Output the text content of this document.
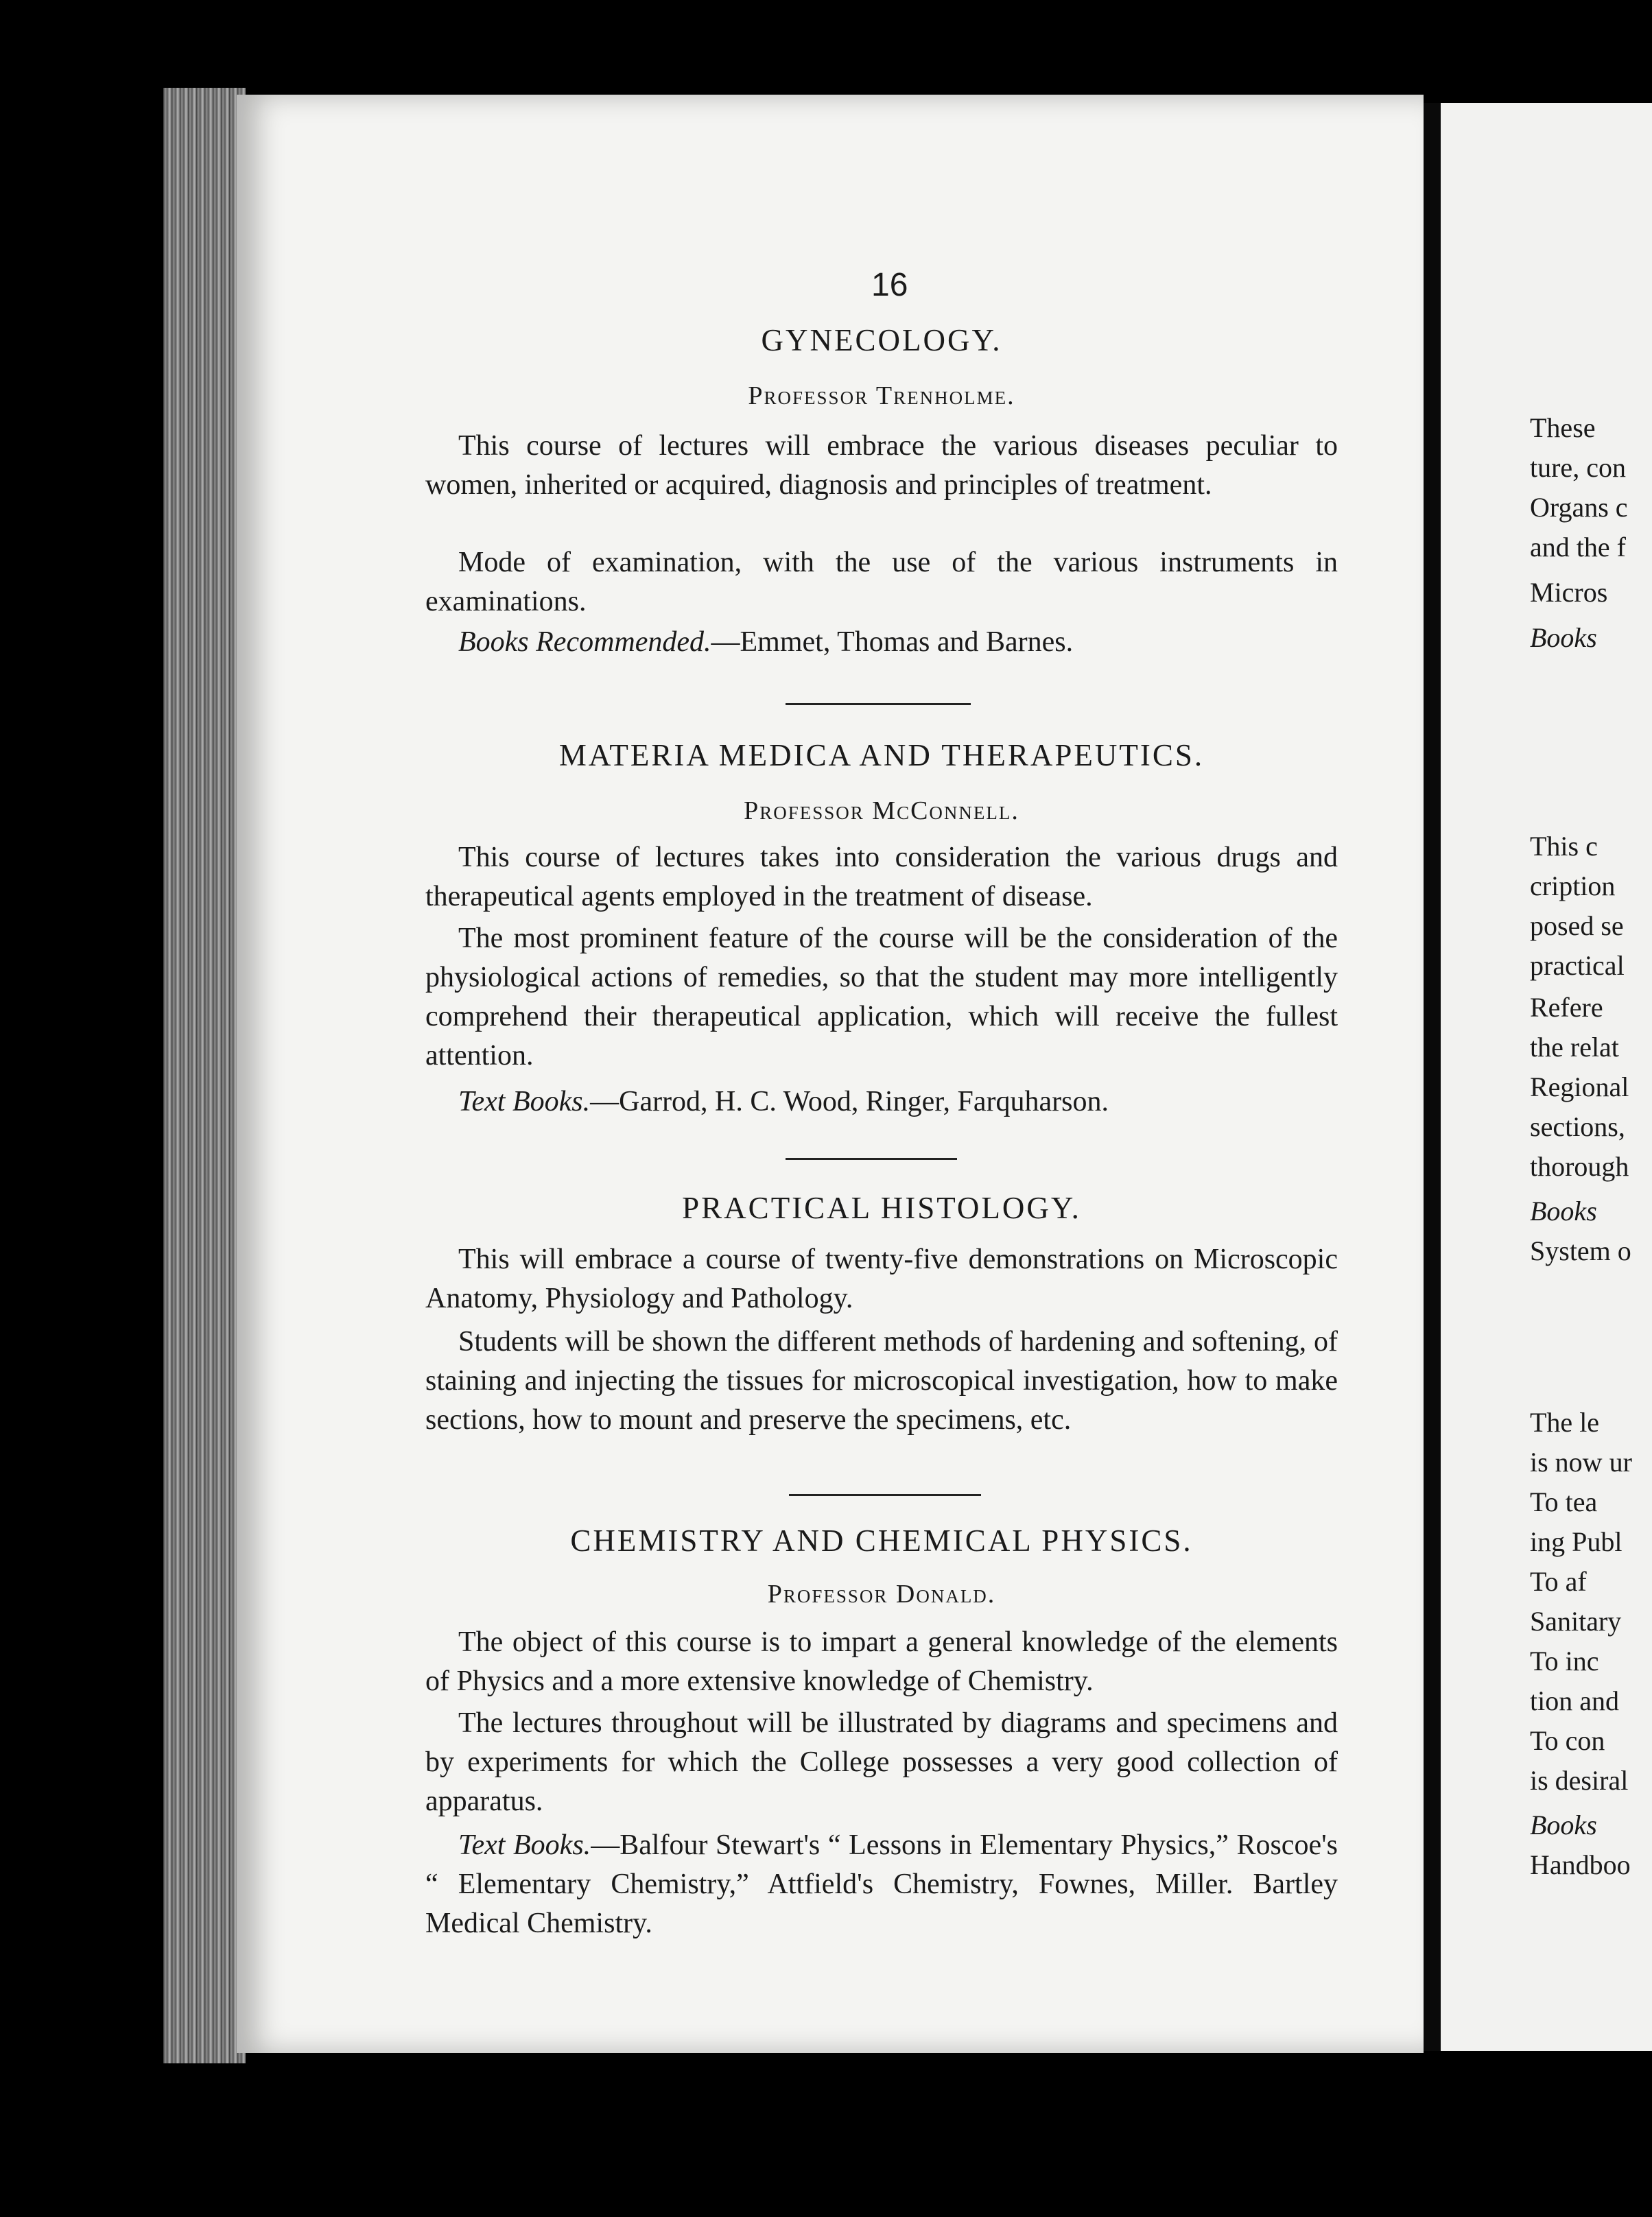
These
ture, con
Organs c
and the f
Micros
Books
This c
cription
posed se
practical
Refere
the relat
Regional
sections,
thorough
Books
System o
The le
is now ur
To tea
ing Publ
To af
Sanitary
To inc
tion and
To con
is desiral
Books
Handboo
16
GYNECOLOGY.
Professor Trenholme.

This course of lectures will embrace the various diseases peculiar to women, inherited or acquired, diagnosis and principles of treatment.

Mode of examination, with the use of the various instruments in examinations.

Books Recommended.—Emmet, Thomas and Barnes.

MATERIA MEDICA AND THERAPEUTICS.
Professor McConnell.

This course of lectures takes into consideration the various drugs and therapeutical agents employed in the treatment of disease.

The most prominent feature of the course will be the consideration of the physiological actions of remedies, so that the student may more intelligently comprehend their therapeutical application, which will receive the fullest attention.

Text Books.—Garrod, H. C. Wood, Ringer, Farquharson.

PRACTICAL HISTOLOGY.

This will embrace a course of twenty-five demonstrations on Microscopic Anatomy, Physiology and Pathology.

Students will be shown the different methods of hardening and softening, of staining and injecting the tissues for microscopical investigation, how to make sections, how to mount and preserve the specimens, etc.

CHEMISTRY AND CHEMICAL PHYSICS.
Professor Donald.

The object of this course is to impart a general knowledge of the elements of Physics and a more extensive knowledge of Chemistry.

The lectures throughout will be illustrated by diagrams and specimens and by experiments for which the College possesses a very good collection of apparatus.

Text Books.—Balfour Stewart's “ Lessons in Elementary Physics,” Roscoe's “ Elementary Chemistry,” Attfield's Chemistry, Fownes, Miller. Bartley Medical Chemistry.
